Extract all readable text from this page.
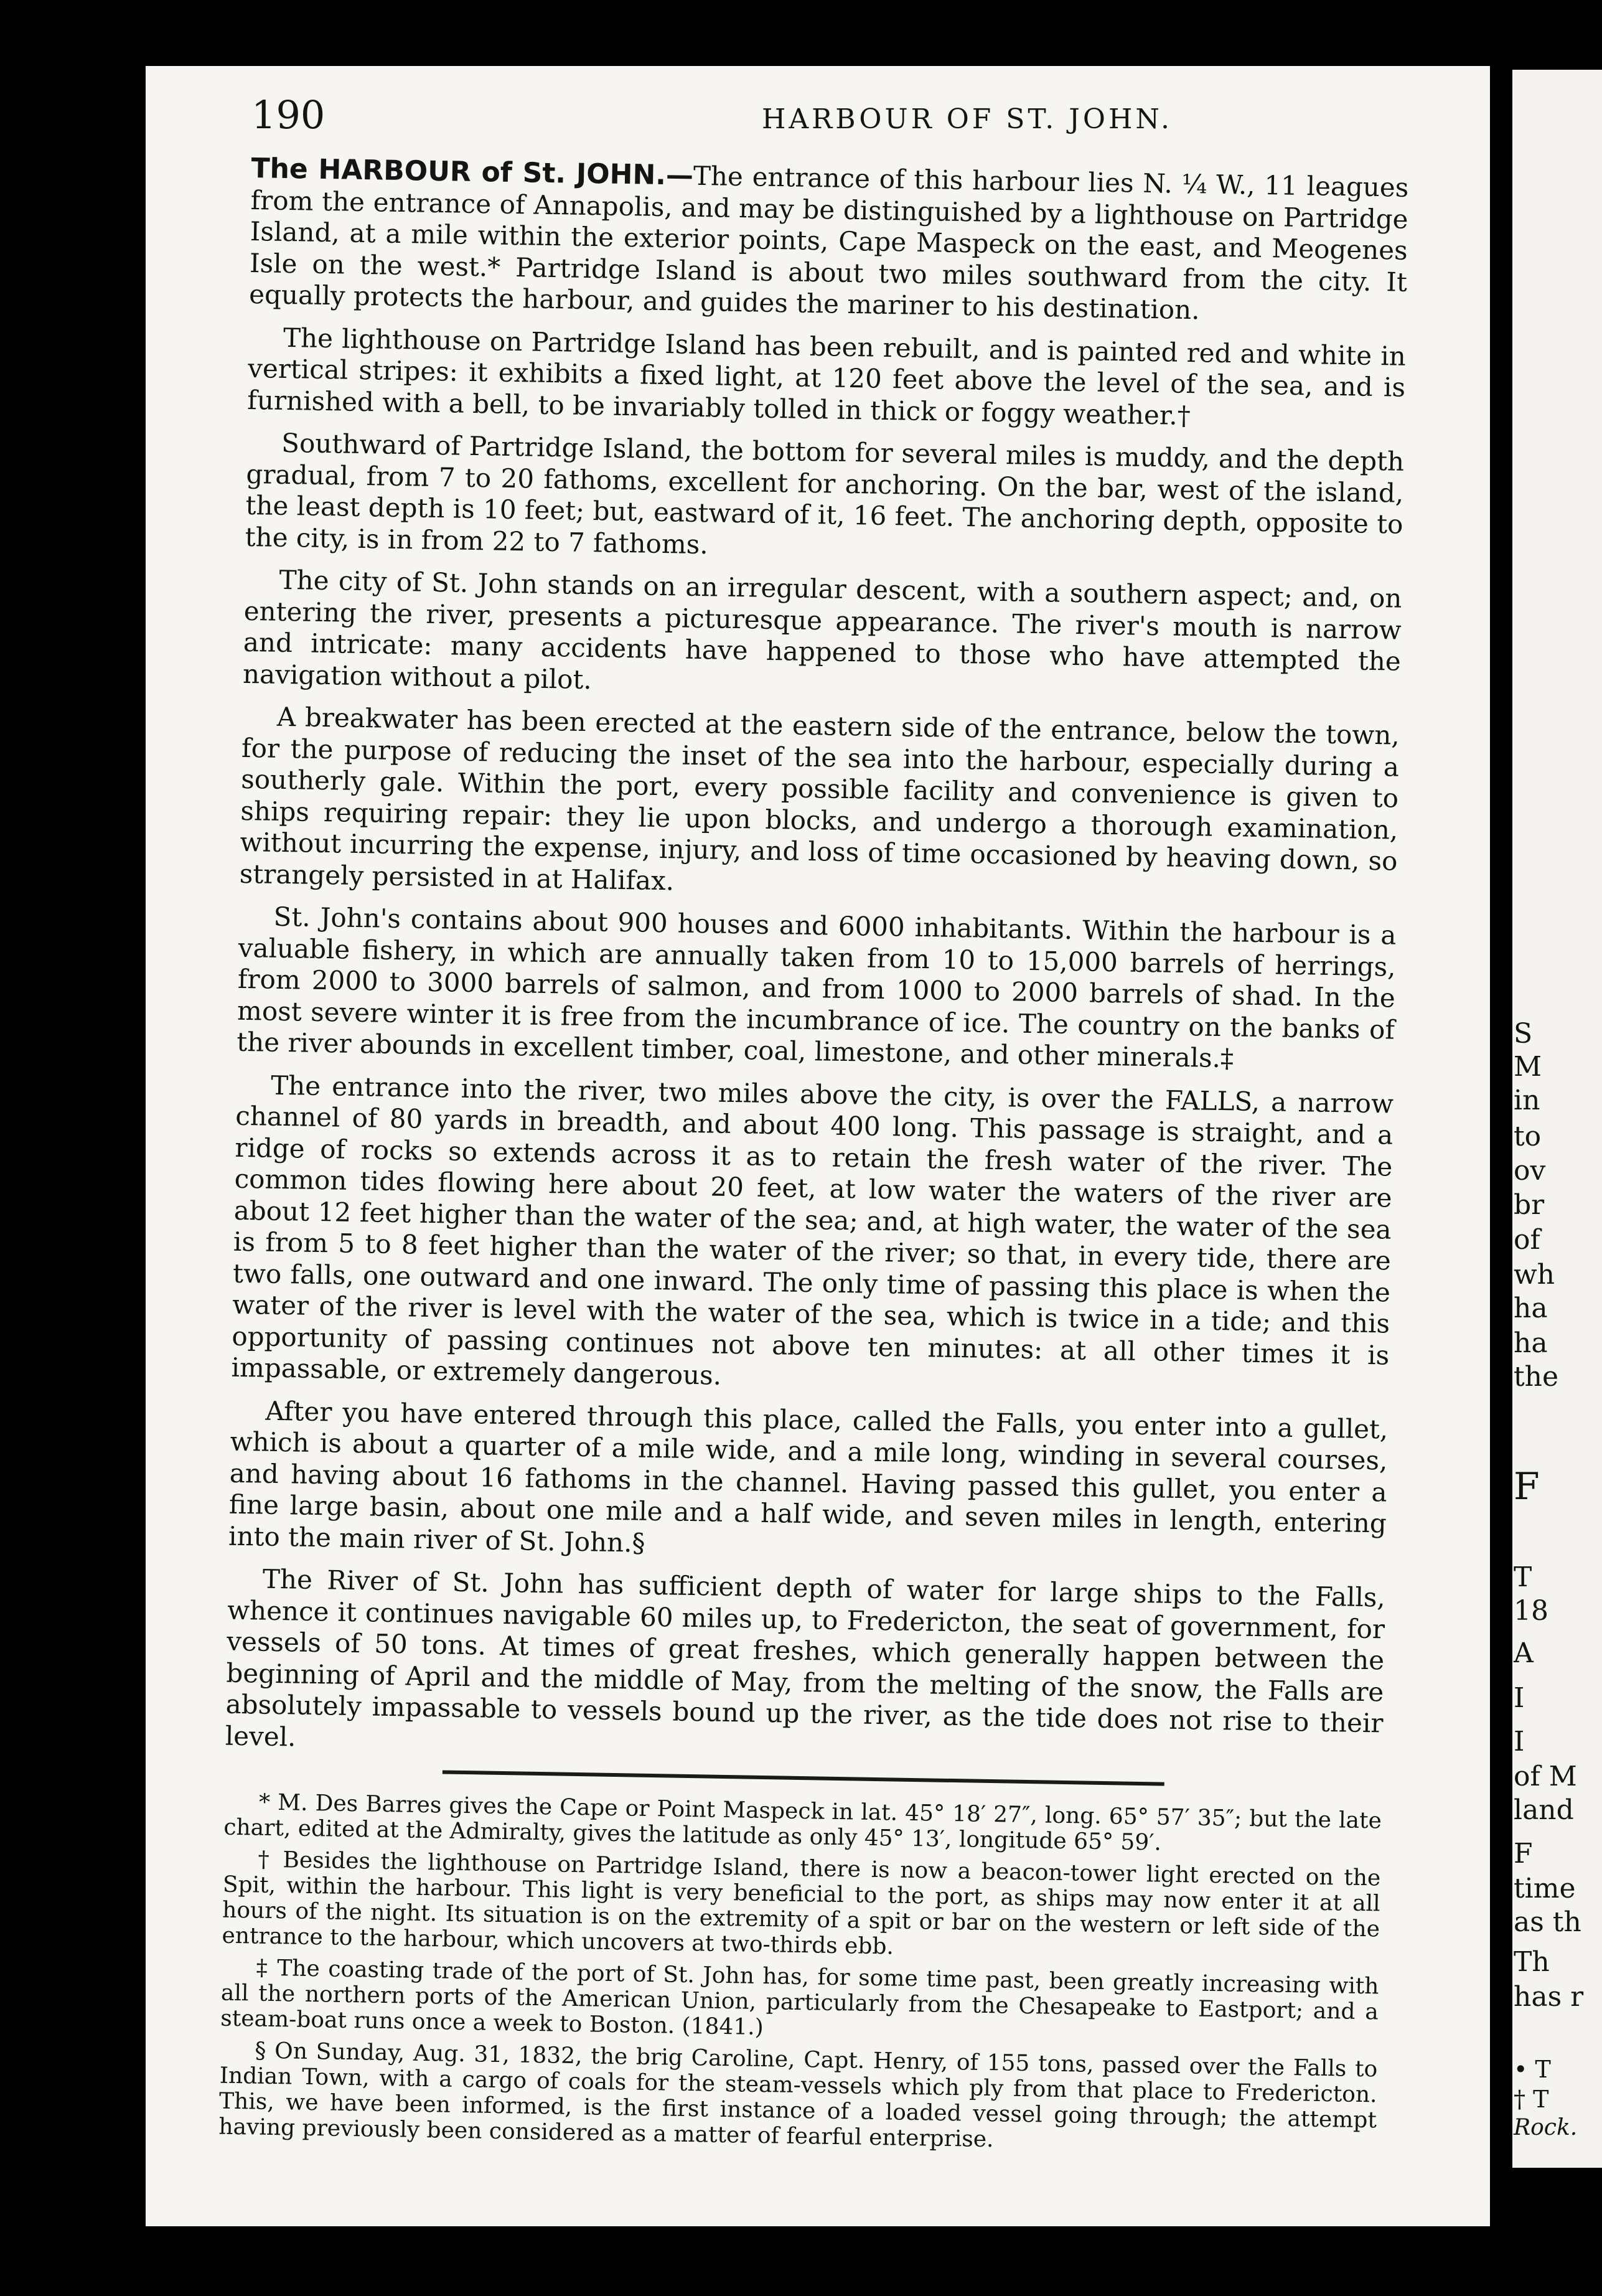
190	HARBOUR OF ST. JOHN.

The HARBOUR of St. JOHN.—The entrance of this harbour lies N. ¼ W., 11 leagues from the entrance of Annapolis, and may be distinguished by a lighthouse on Partridge Island, at a mile within the exterior points, Cape Maspeck on the east, and Meogenes Isle on the west.* Partridge Island is about two miles southward from the city. It equally protects the harbour, and guides the mariner to his destination.

The lighthouse on Partridge Island has been rebuilt, and is painted red and white in vertical stripes: it exhibits a fixed light, at 120 feet above the level of the sea, and is furnished with a bell, to be invariably tolled in thick or foggy weather.†

Southward of Partridge Island, the bottom for several miles is muddy, and the depth gradual, from 7 to 20 fathoms, excellent for anchoring. On the bar, west of the island, the least depth is 10 feet; but, eastward of it, 16 feet. The anchoring depth, opposite to the city, is in from 22 to 7 fathoms.

The city of St. John stands on an irregular descent, with a southern aspect; and, on entering the river, presents a picturesque appearance. The river's mouth is narrow and intricate: many accidents have happened to those who have attempted the navigation without a pilot.

A breakwater has been erected at the eastern side of the entrance, below the town, for the purpose of reducing the inset of the sea into the harbour, especially during a southerly gale. Within the port, every possible facility and convenience is given to ships requiring repair: they lie upon blocks, and undergo a thorough examination, without incurring the expense, injury, and loss of time occasioned by heaving down, so strangely persisted in at Halifax.

St. John's contains about 900 houses and 6000 inhabitants. Within the harbour is a valuable fishery, in which are annually taken from 10 to 15,000 barrels of herrings, from 2000 to 3000 barrels of salmon, and from 1000 to 2000 barrels of shad. In the most severe winter it is free from the incumbrance of ice. The country on the banks of the river abounds in excellent timber, coal, limestone, and other minerals.‡

The entrance into the river, two miles above the city, is over the FALLS, a narrow channel of 80 yards in breadth, and about 400 long. This passage is straight, and a ridge of rocks so extends across it as to retain the fresh water of the river. The common tides flowing here about 20 feet, at low water the waters of the river are about 12 feet higher than the water of the sea; and, at high water, the water of the sea is from 5 to 8 feet higher than the water of the river; so that, in every tide, there are two falls, one outward and one inward. The only time of passing this place is when the water of the river is level with the water of the sea, which is twice in a tide; and this opportunity of passing continues not above ten minutes: at all other times it is impassable, or extremely dangerous.

After you have entered through this place, called the Falls, you enter into a gullet, which is about a quarter of a mile wide, and a mile long, winding in several courses, and having about 16 fathoms in the channel. Having passed this gullet, you enter a fine large basin, about one mile and a half wide, and seven miles in length, entering into the main river of St. John.§

The River of St. John has sufficient depth of water for large ships to the Falls, whence it continues navigable 60 miles up, to Fredericton, the seat of government, for vessels of 50 tons. At times of great freshes, which generally happen between the beginning of April and the middle of May, from the melting of the snow, the Falls are absolutely impassable to vessels bound up the river, as the tide does not rise to their level.

* M. Des Barres gives the Cape or Point Maspeck in lat. 45° 18′ 27″, long. 65° 57′ 35″; but the late chart, edited at the Admiralty, gives the latitude as only 45° 13′, longitude 65° 59′.

† Besides the lighthouse on Partridge Island, there is now a beacon-tower light erected on the Spit, within the harbour. This light is very beneficial to the port, as ships may now enter it at all hours of the night. Its situation is on the extremity of a spit or bar on the western or left side of the entrance to the harbour, which uncovers at two-thirds ebb.

‡ The coasting trade of the port of St. John has, for some time past, been greatly increasing with all the northern ports of the American Union, particularly from the Chesapeake to Eastport; and a steam-boat runs once a week to Boston. (1841.)

§ On Sunday, Aug. 31, 1832, the brig Caroline, Capt. Henry, of 155 tons, passed over the Falls to Indian Town, with a cargo of coals for the steam-vessels which ply from that place to Fredericton. This, we have been informed, is the first instance of a loaded vessel going through; the attempt having previously been considered as a matter of fearful enterprise.

S
M
in
to
ov
br
of
wh
ha
ha
the
F
T
18
A
I
I
of M
land
F
time
as th
Th
has r
• T
† T
Rock.
